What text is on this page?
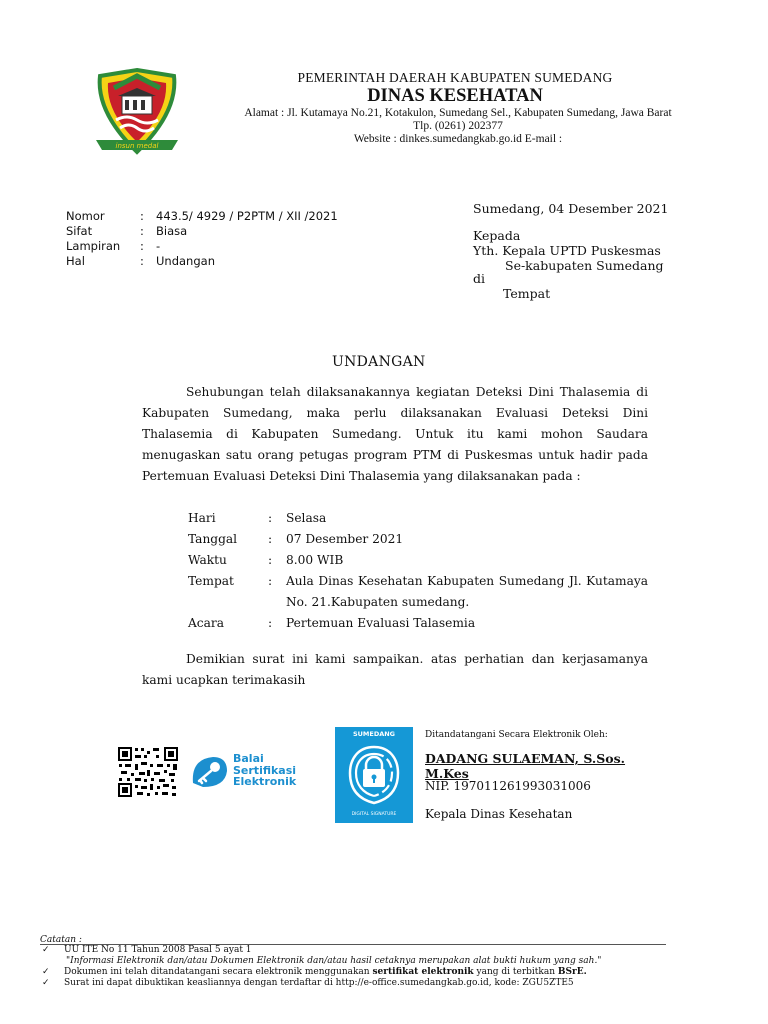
insun medal
PEMERINTAH DAERAH KABUPATEN SUMEDANG
DINAS KESEHATAN
Alamat : Jl. Kutamaya No.21, Kotakulon, Sumedang Sel., Kabupaten Sumedang, Jawa Barat
Tlp. (0261) 202377
Website : dinkes.sumedangkab.go.id E-mail :
Nomor	: 443.5/ 4929 / P2PTM / XII /2021
Sifat	: Biasa
Lampiran : -
Hal	: Undangan
Sumedang, 04 Desember 2021
Kepada
Yth. Kepala UPTD Puskesmas
Se-kabupaten Sumedang
di
Tempat
UNDANGAN
Sehubungan telah dilaksanakannya kegiatan Deteksi Dini Thalasemia di Kabupaten Sumedang, maka perlu dilaksanakan Evaluasi Deteksi Dini Thalasemia di Kabupaten Sumedang. Untuk itu kami mohon Saudara menugaskan satu orang petugas program PTM di Puskesmas untuk hadir pada Pertemuan Evaluasi Deteksi Dini Thalasemia yang dilaksanakan pada :
Hari	: Selasa
Tanggal	: 07 Desember 2021
Waktu	: 8.00 WIB
Tempat	: Aula Dinas Kesehatan Kabupaten Sumedang Jl. Kutamaya
No. 21.Kabupaten sumedang.
Acara	: Pertemuan Evaluasi Talasemia
Demikian surat ini kami sampaikan. atas perhatian dan kerjasamanya kami ucapkan terimakasih
Balai
Sertifikasi
Elektronik
SUMEDANG
DIGITAL SIGNATURE
Ditandatangani Secara Elektronik Oleh:
DADANG SULAEMAN, S.Sos.
M.Kes
NIP. 197011261993031006
Kepala Dinas Kesehatan
Catatan :
✓ UU ITE No 11 Tahun 2008 Pasal 5 ayat 1
"Informasi Elektronik dan/atau Dokumen Elektronik dan/atau hasil cetaknya merupakan alat bukti hukum yang sah."
✓ Dokumen ini telah ditandatangani secara elektronik menggunakan sertifikat elektronik yang di terbitkan BSrE.
✓ Surat ini dapat dibuktikan keasliannya dengan terdaftar di http://e-office.sumedangkab.go.id, kode: ZGU5ZTE5
